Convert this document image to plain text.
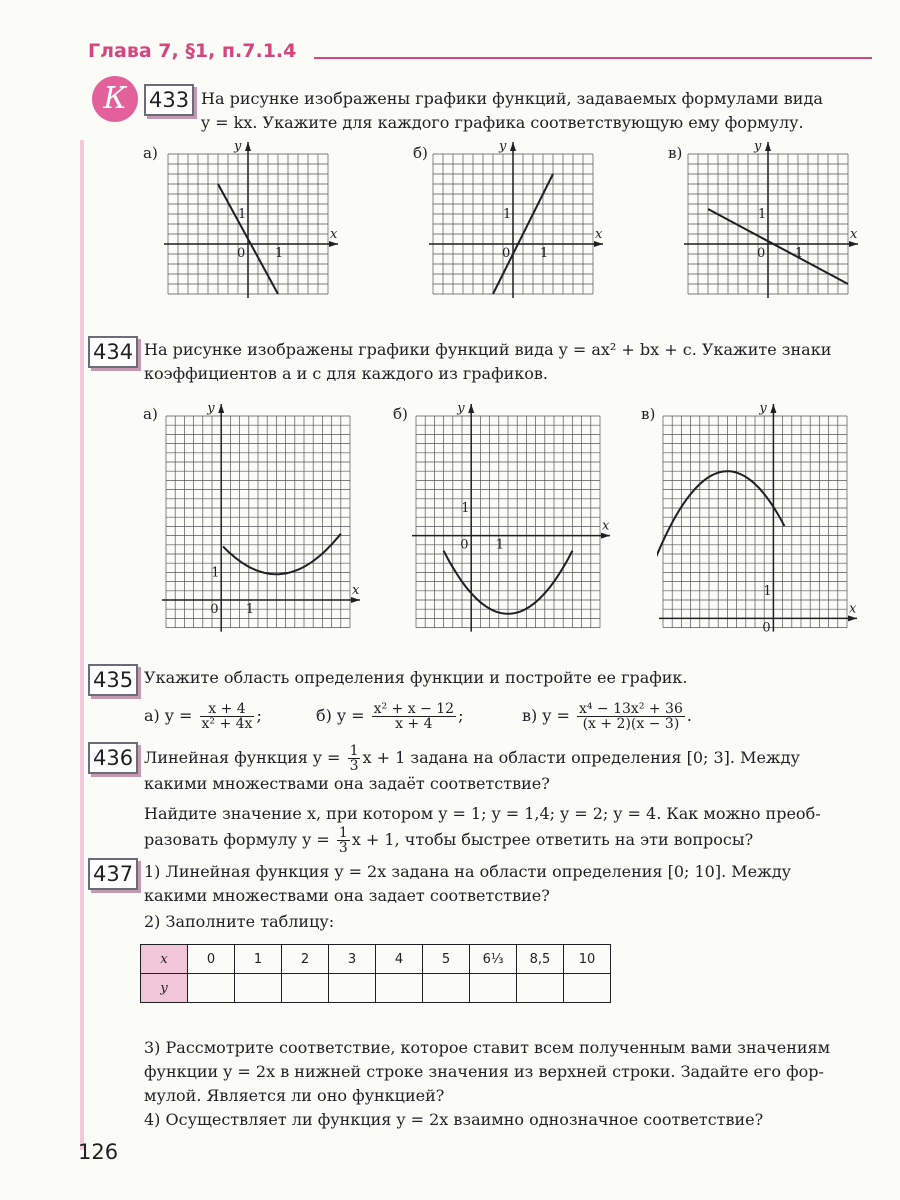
Глава 7, §1, п.7.1.4
К	433 На рисунке изображены графики функций, задаваемых формулами вида
y = kx. Укажите для каждого графика соответствующую ему формулу.
а)	б)	в)
x
y
0 1
1
x
y
0 1
1
x
y
0 1
1
434 На рисунке изображены графики функций вида y = ax² + bx + c. Укажите знаки
коэффициентов a и c для каждого из графиков.
а)	б)	в)
x
y
0 1
1
x
y
0 1
1
x
y
0
1
435 Укажите область определения функции и постройте ее график.
а) $y = \frac{x + 4}{\text{x² + 4x}}$ ;	б) $y = \frac{\text{x² + x − 12}}{x + 4}$ ;	в) $y = \frac{\text{x⁴ − 13x² + 36}}{(x + 2)(x - 3)}$ .
436 Линейная функция $y = \frac{1}{3}$ x + 1 задана на области определения [0; 3]. Между
какими множествами она задаёт соответствие?
Найдите значение x, при котором y = 1; y = 1,4; y = 2; y = 4. Как можно преоб-
разовать формулу $y = \frac{1}{3}$ x + 1, чтобы быстрее ответить на эти вопросы?
437 1) Линейная функция y = 2x задана на области определения [0; 10]. Между
какими множествами она задает соответствие?
2) Заполните таблицу:
x	0	1	2	3	4	5	6⅓	8,5	10
y									
3) Рассмотрите соответствие, которое ставит всем полученным вами значениям
функции y = 2x в нижней строке значения из верхней строки. Задайте его фор-
мулой. Является ли оно функцией?
4) Осуществляет ли функция y = 2x взаимно однозначное соответствие?
126
